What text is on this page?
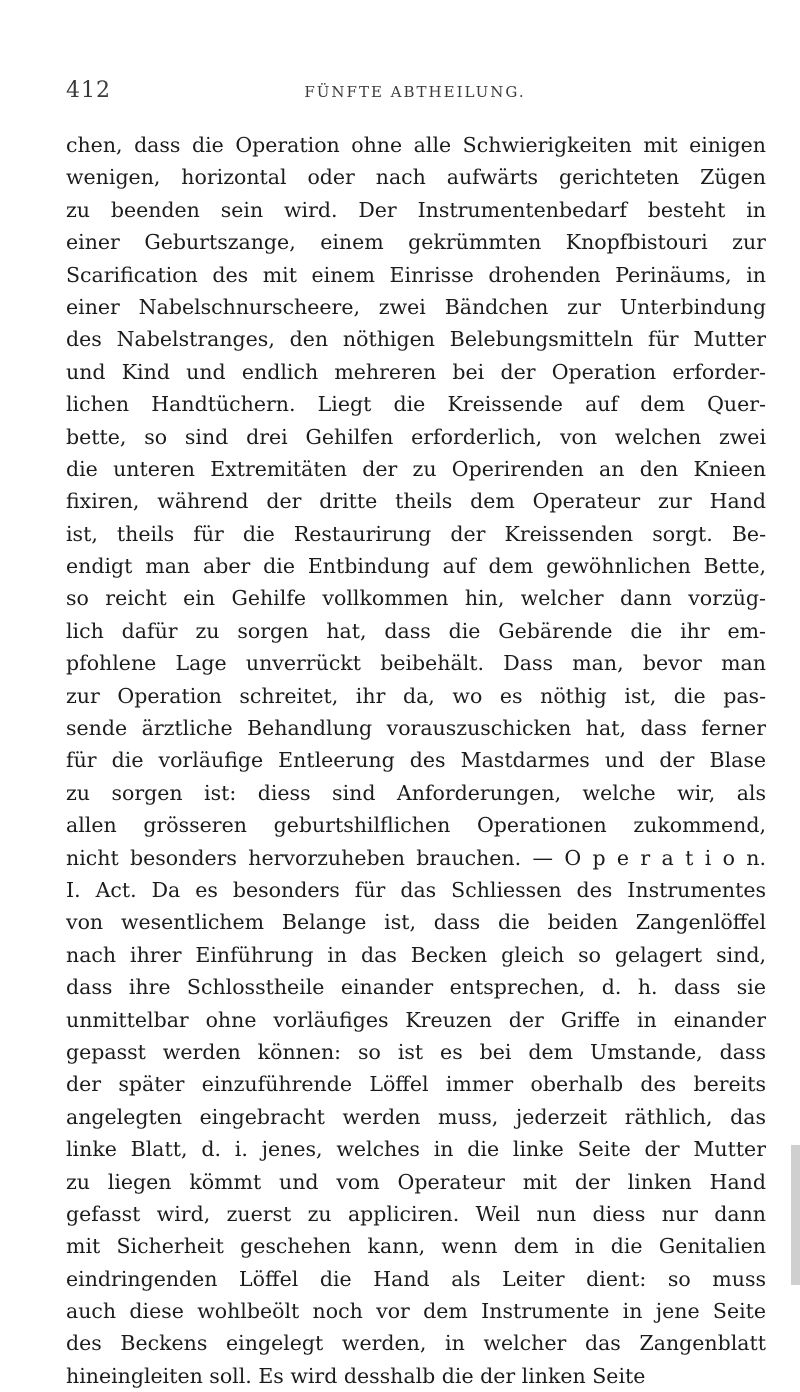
412	FÜNFTE ABTHEILUNG.
chen, dass die Operation ohne alle Schwierigkeiten mit einigen
wenigen, horizontal oder nach aufwärts gerichteten Zügen
zu beenden sein wird. Der Instrumentenbedarf besteht in
einer Geburtszange, einem gekrümmten Knopfbistouri zur
Scarification des mit einem Einrisse drohenden Perinäums, in
einer Nabelschnurscheere, zwei Bändchen zur Unterbindung
des Nabelstranges, den nöthigen Belebungsmitteln für Mutter
und Kind und endlich mehreren bei der Operation erforder-
lichen Handtüchern. Liegt die Kreissende auf dem Quer-
bette, so sind drei Gehilfen erforderlich, von welchen zwei
die unteren Extremitäten der zu Operirenden an den Knieen
fixiren, während der dritte theils dem Operateur zur Hand
ist, theils für die Restaurirung der Kreissenden sorgt. Be-
endigt man aber die Entbindung auf dem gewöhnlichen Bette,
so reicht ein Gehilfe vollkommen hin, welcher dann vorzüg-
lich dafür zu sorgen hat, dass die Gebärende die ihr em-
pfohlene Lage unverrückt beibehält. Dass man, bevor man
zur Operation schreitet, ihr da, wo es nöthig ist, die pas-
sende ärztliche Behandlung vorauszuschicken hat, dass ferner
für die vorläufige Entleerung des Mastdarmes und der Blase
zu sorgen ist: diess sind Anforderungen, welche wir, als
allen grösseren geburtshilflichen Operationen zukommend,
nicht besonders hervorzuheben brauchen. — O p e r a t i o n.
I. Act. Da es besonders für das Schliessen des Instrumentes
von wesentlichem Belange ist, dass die beiden Zangenlöffel
nach ihrer Einführung in das Becken gleich so gelagert sind,
dass ihre Schlosstheile einander entsprechen, d. h. dass sie
unmittelbar ohne vorläufiges Kreuzen der Griffe in einander
gepasst werden können: so ist es bei dem Umstande, dass
der später einzuführende Löffel immer oberhalb des bereits
angelegten eingebracht werden muss, jederzeit räthlich, das
linke Blatt, d. i. jenes, welches in die linke Seite der Mutter
zu liegen kömmt und vom Operateur mit der linken Hand
gefasst wird, zuerst zu appliciren. Weil nun diess nur dann
mit Sicherheit geschehen kann, wenn dem in die Genitalien
eindringenden Löffel die Hand als Leiter dient: so muss
auch diese wohlbeölt noch vor dem Instrumente in jene Seite
des Beckens eingelegt werden, in welcher das Zangenblatt
hineingleiten soll. Es wird desshalb die der linken Seite
